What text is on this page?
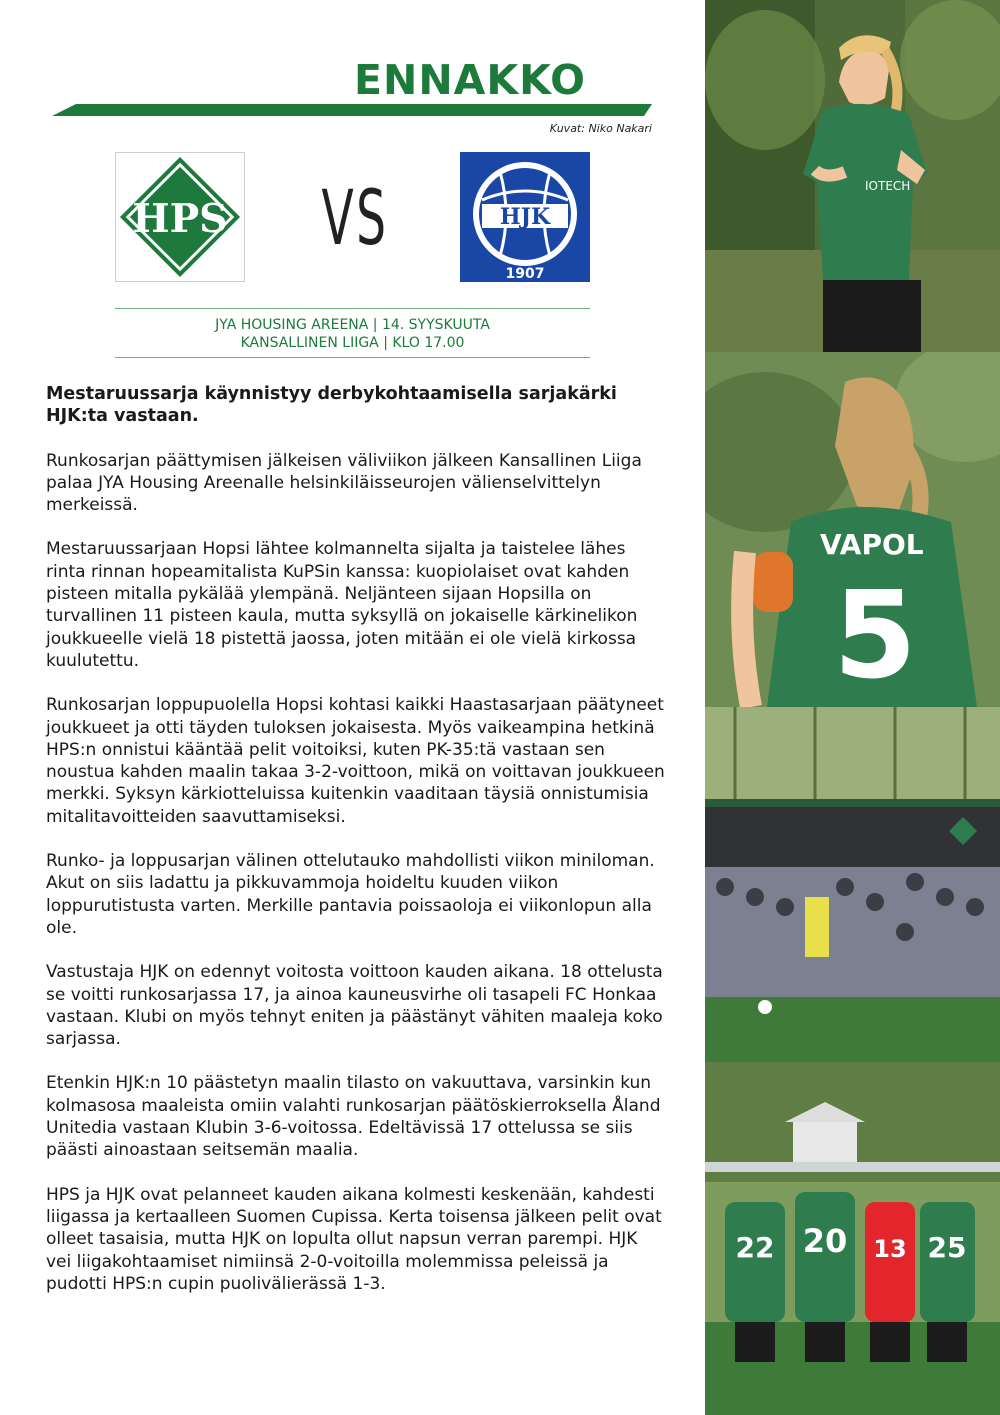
ENNAKKO
Kuvat: Niko Nakari
HPS VS	HJK
1907
JYA HOUSING AREENA | 14. SYYSKUUTA
KANSALLINEN LIIGA | KLO 17.00

Mestaruussarja käynnistyy derbykohtaamisella sarjakärki HJK:ta vastaan.

Runkosarjan päättymisen jälkeisen väliviikon jälkeen Kansallinen Liiga palaa JYA Housing Areenalle helsinkiläisseurojen välienselvittelyn merkeissä.

Mestaruussarjaan Hopsi lähtee kolmannelta sijalta ja taistelee lähes rinta rinnan hopeamitalista KuPSin kanssa: kuopiolaiset ovat kahden pisteen mitalla pykälää ylempänä. Neljänteen sijaan Hopsilla on turvallinen 11 pisteen kaula, mutta syksyllä on jokaiselle kärkinelikon joukkueelle vielä 18 pistettä jaossa, joten mitään ei ole vielä kirkossa kuulutettu.

Runkosarjan loppupuolella Hopsi kohtasi kaikki Haastasarjaan päätyneet joukkueet ja otti täyden tuloksen jokaisesta. Myös vaikeampina hetkinä HPS:n onnistui kääntää pelit voitoiksi, kuten PK-35:tä vastaan sen noustua kahden maalin takaa 3-2-voittoon, mikä on voittavan joukkueen merkki. Syksyn kärkiotteluissa kuitenkin vaaditaan täysiä onnistumisia mitalitavoitteiden saavuttamiseksi.

Runko- ja loppusarjan välinen ottelutauko mahdollisti viikon miniloman. Akut on siis ladattu ja pikkuvammoja hoideltu kuuden viikon loppurutistusta varten. Merkille pantavia poissaoloja ei viikonlopun alla ole.

Vastustaja HJK on edennyt voitosta voittoon kauden aikana. 18 ottelusta se voitti runkosarjassa 17, ja ainoa kauneusvirhe oli tasapeli FC Honkaa vastaan. Klubi on myös tehnyt eniten ja päästänyt vähiten maaleja koko sarjassa.

Etenkin HJK:n 10 päästetyn maalin tilasto on vakuuttava, varsinkin kun kolmasosa maaleista omiin valahti runkosarjan päätöskierroksella Åland Unitedia vastaan Klubin 3-6-voitossa. Edeltävissä 17 ottelussa se siis päästi ainoastaan seitsemän maalia.

HPS ja HJK ovat pelanneet kauden aikana kolmesti keskenään, kahdesti liigassa ja kertaalleen Suomen Cupissa. Kerta toisensa jälkeen pelit ovat olleet tasaisia, mutta HJK on lopulta ollut napsun verran parempi. HJK vei liigakohtaamiset nimiinsä 2-0-voitoilla molemmissa peleissä ja pudotti HPS:n cupin puolivälierässä 1-3.

IOTECH
VAPOL
5
22 20 13 25
